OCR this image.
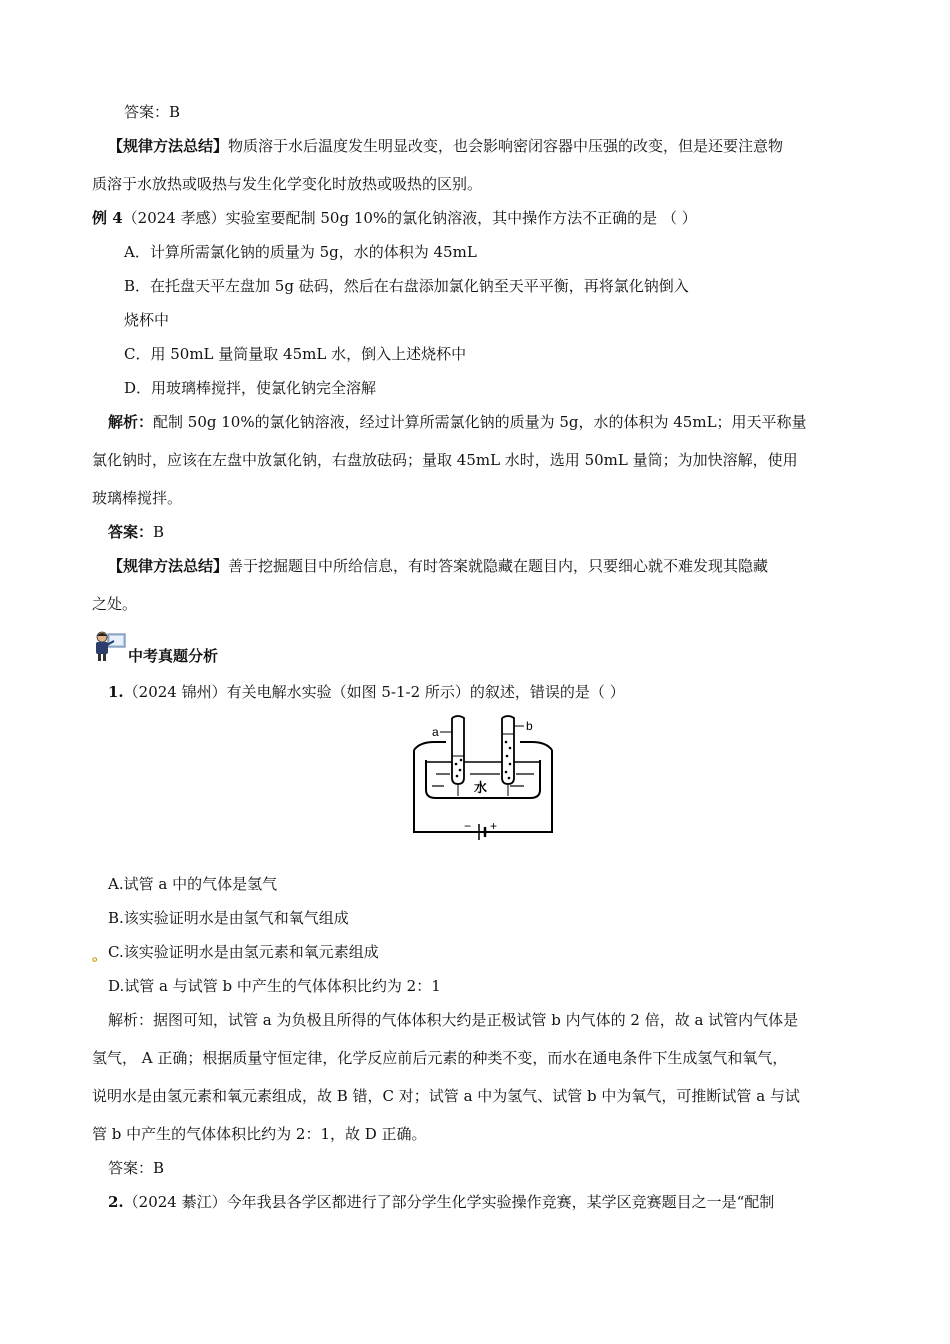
答案：B
【规律方法总结】物质溶于水后温度发生明显改变，也会影响密闭容器中压强的改变，但是还要注意物
质溶于水放热或吸热与发生化学变化时放热或吸热的区别。
例 4（2024 孝感）实验室要配制 50g 10%的氯化钠溶液，其中操作方法不正确的是 （ ）
A．计算所需氯化钠的质量为 5g，水的体积为 45mL
B．在托盘天平左盘加 5g 砝码，然后在右盘添加氯化钠至天平平衡，再将氯化钠倒入
烧杯中
C．用 50mL 量筒量取 45mL 水，倒入上述烧杯中
D．用玻璃棒搅拌，使氯化钠完全溶解
解析：配制 50g 10%的氯化钠溶液，经过计算所需氯化钠的质量为 5g，水的体积为 45mL；用天平称量
氯化钠时，应该在左盘中放氯化钠，右盘放砝码；量取 45mL 水时，选用 50mL 量筒；为加快溶解，使用
玻璃棒搅拌。
答案：B
【规律方法总结】善于挖掘题目中所给信息，有时答案就隐藏在题目内，只要细心就不难发现其隐藏
之处。
中考真题分析
1.（2024 锦州）有关电解水实验（如图 5-1-2 所示）的叙述，错误的是（ ）
a	b
水
− +
A.试管 a 中的气体是氢气
B.该实验证明水是由氢气和氧气组成
。 C.该实验证明水是由氢元素和氧元素组成
D.试管 a 与试管 b 中产生的气体体积比约为 2：1
解析：据图可知，试管 a 为负极且所得的气体体积大约是正极试管 b 内气体的 2 倍，故 a 试管内气体是
氢气， A 正确；根据质量守恒定律，化学反应前后元素的种类不变，而水在通电条件下生成氢气和氧气，
说明水是由氢元素和氧元素组成，故 B 错，C 对；试管 a 中为氢气、试管 b 中为氧气，可推断试管 a 与试
管 b 中产生的气体体积比约为 2：1，故 D 正确。
答案：B
2.（2024 綦江）今年我县各学区都进行了部分学生化学实验操作竞赛，某学区竞赛题目之一是“配制
